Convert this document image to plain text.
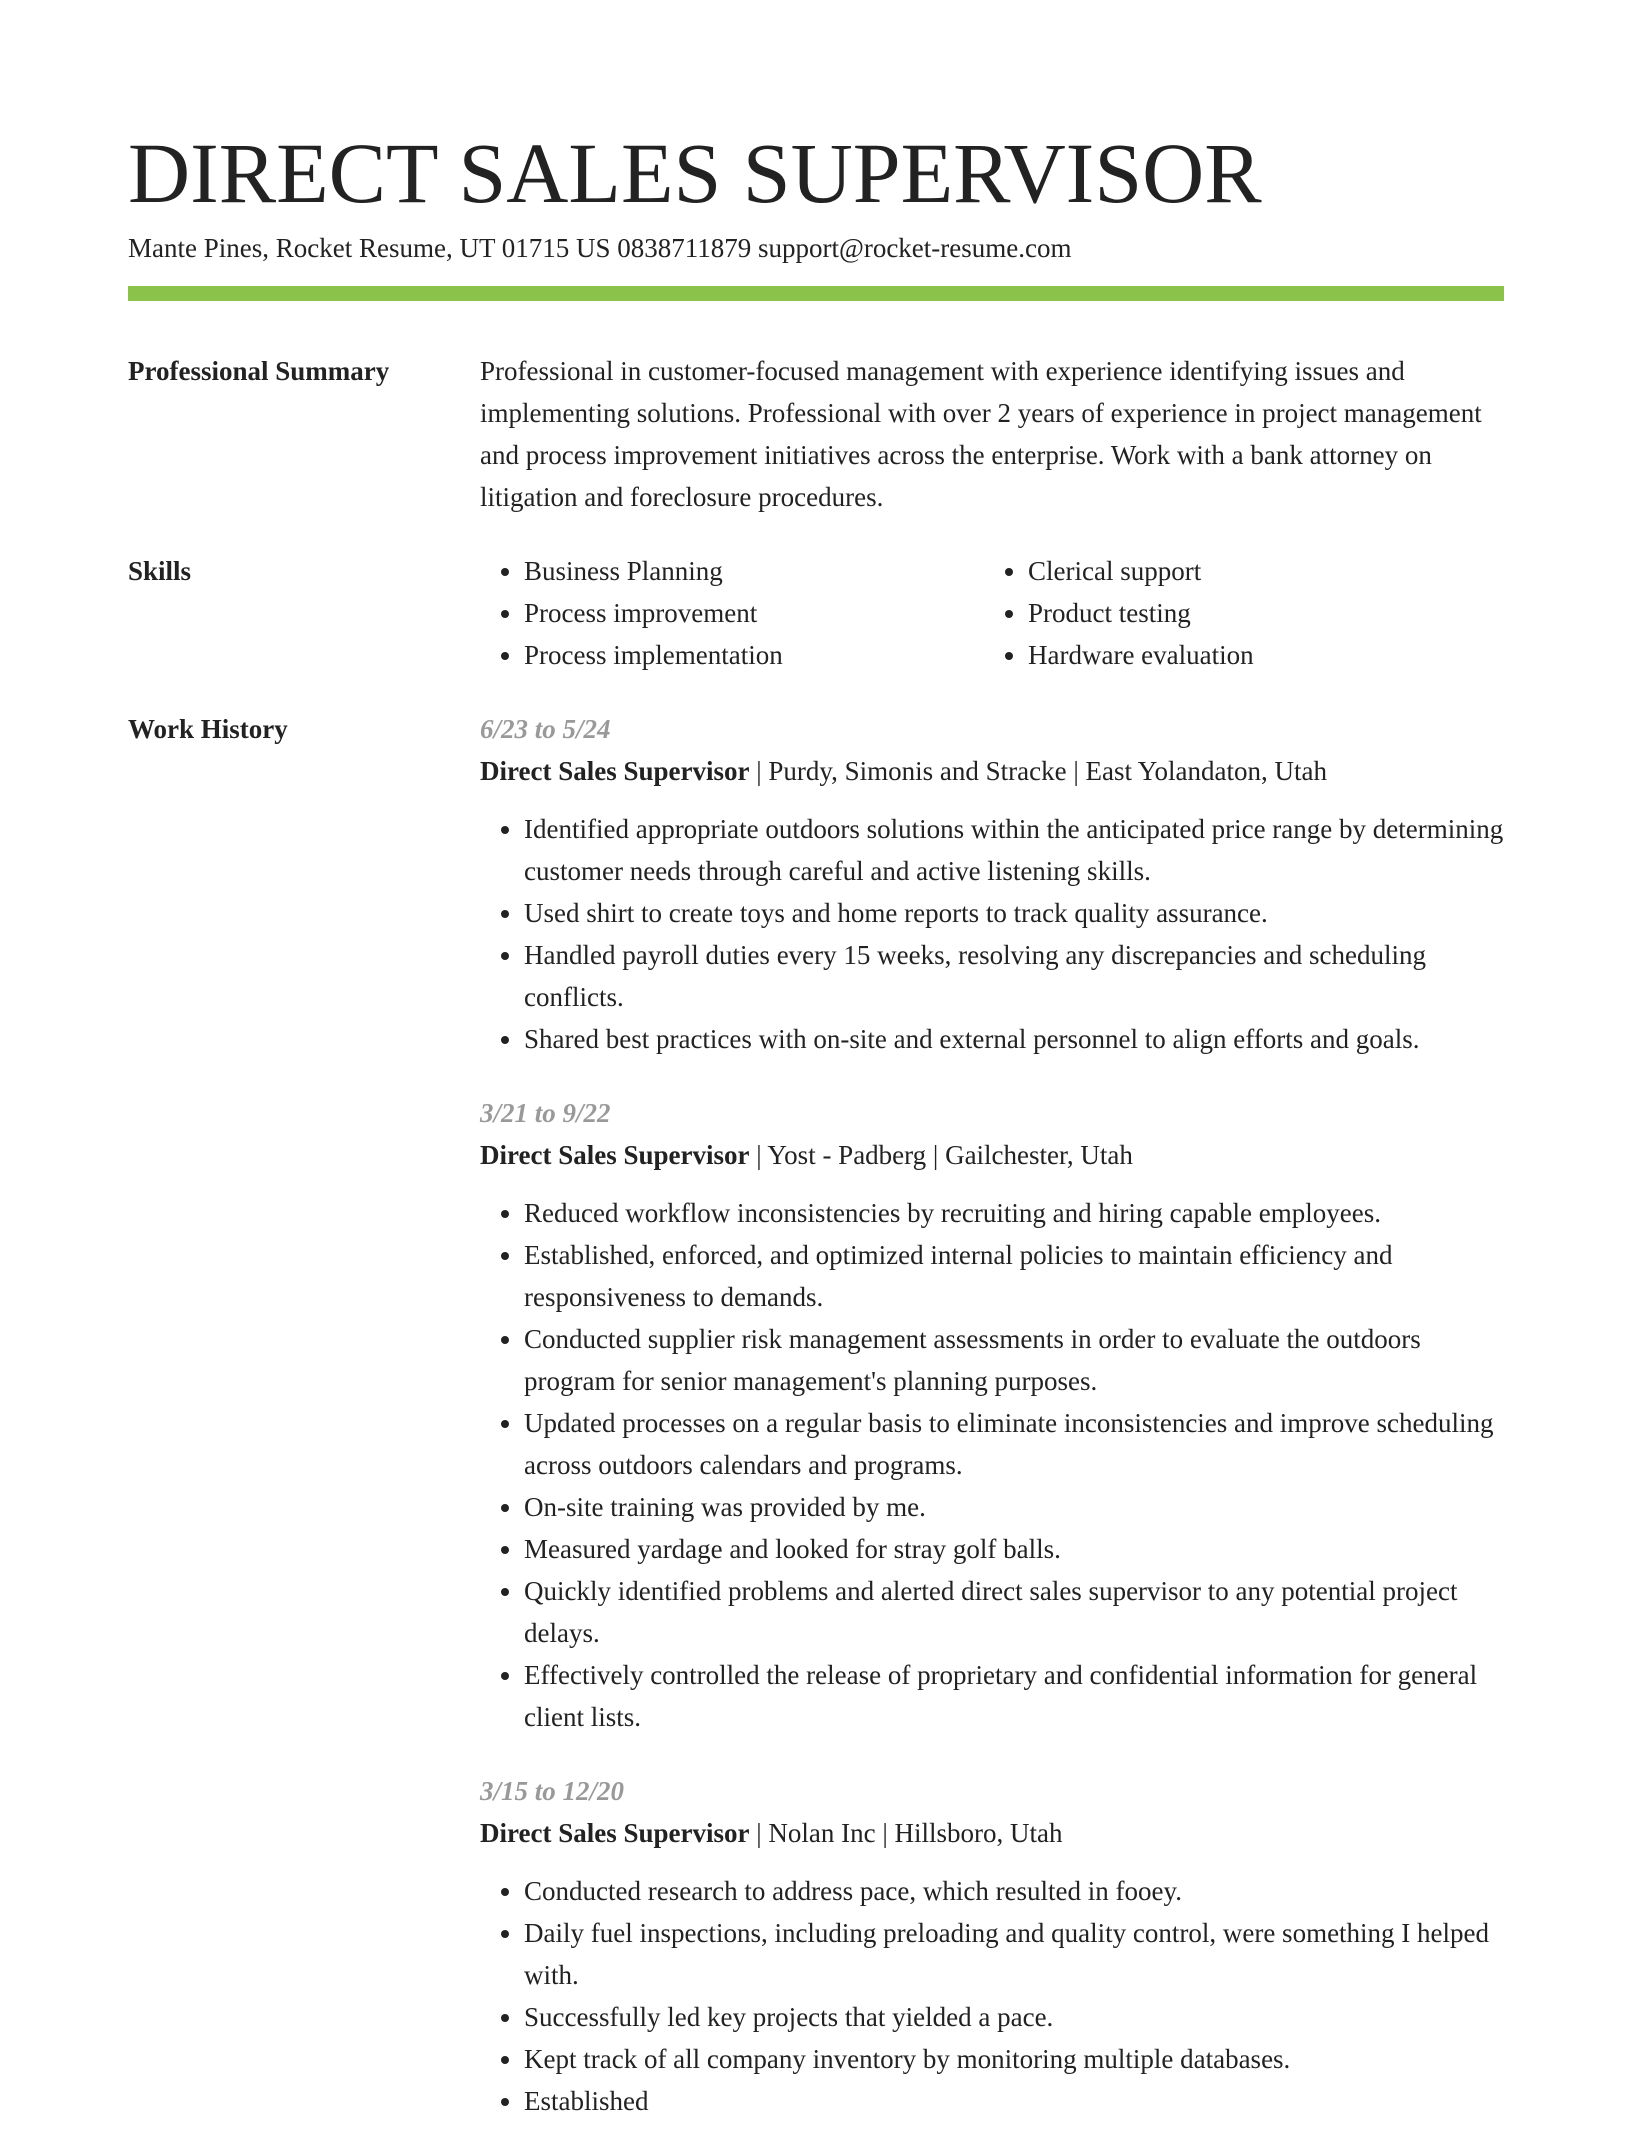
DIRECT SALES SUPERVISOR
Mante Pines, Rocket Resume, UT 01715 US 0838711879 support@rocket-resume.com
Professional Summary	Professional in customer-focused management with experience identifying issues and implementing solutions. Professional with over 2 years of experience in project management and process improvement initiatives across the enterprise. Work with a bank attorney on litigation and foreclosure procedures.

Skills
•	Business Planning
• Process improvement
• Process implementation
• Clerical support
• Product testing
• Hardware evaluation
Work History	6/23 to 5/24
Direct Sales Supervisor | Purdy, Simonis and Stracke | East Yolandaton, Utah
• Identified appropriate outdoors solutions within the anticipated price range by determining customer needs through careful and active listening skills.
• Used shirt to create toys and home reports to track quality assurance.
• Handled payroll duties every 15 weeks, resolving any discrepancies and scheduling conflicts.
• Shared best practices with on-site and external personnel to align efforts and goals.
3/21 to 9/22
Direct Sales Supervisor | Yost - Padberg | Gailchester, Utah
• Reduced workflow inconsistencies by recruiting and hiring capable employees.
• Established, enforced, and optimized internal policies to maintain efficiency and responsiveness to demands.
• Conducted supplier risk management assessments in order to evaluate the outdoors program for senior management's planning purposes.
• Updated processes on a regular basis to eliminate inconsistencies and improve scheduling across outdoors calendars and programs.
• On-site training was provided by me.
• Measured yardage and looked for stray golf balls.
• Quickly identified problems and alerted direct sales supervisor to any potential project delays.
• Effectively controlled the release of proprietary and confidential information for general client lists.
3/15 to 12/20
Direct Sales Supervisor | Nolan Inc | Hillsboro, Utah
• Conducted research to address pace, which resulted in fooey.
• Daily fuel inspections, including preloading and quality control, were something I helped with.
• Successfully led key projects that yielded a pace.
• Kept track of all company inventory by monitoring multiple databases.
• Established
